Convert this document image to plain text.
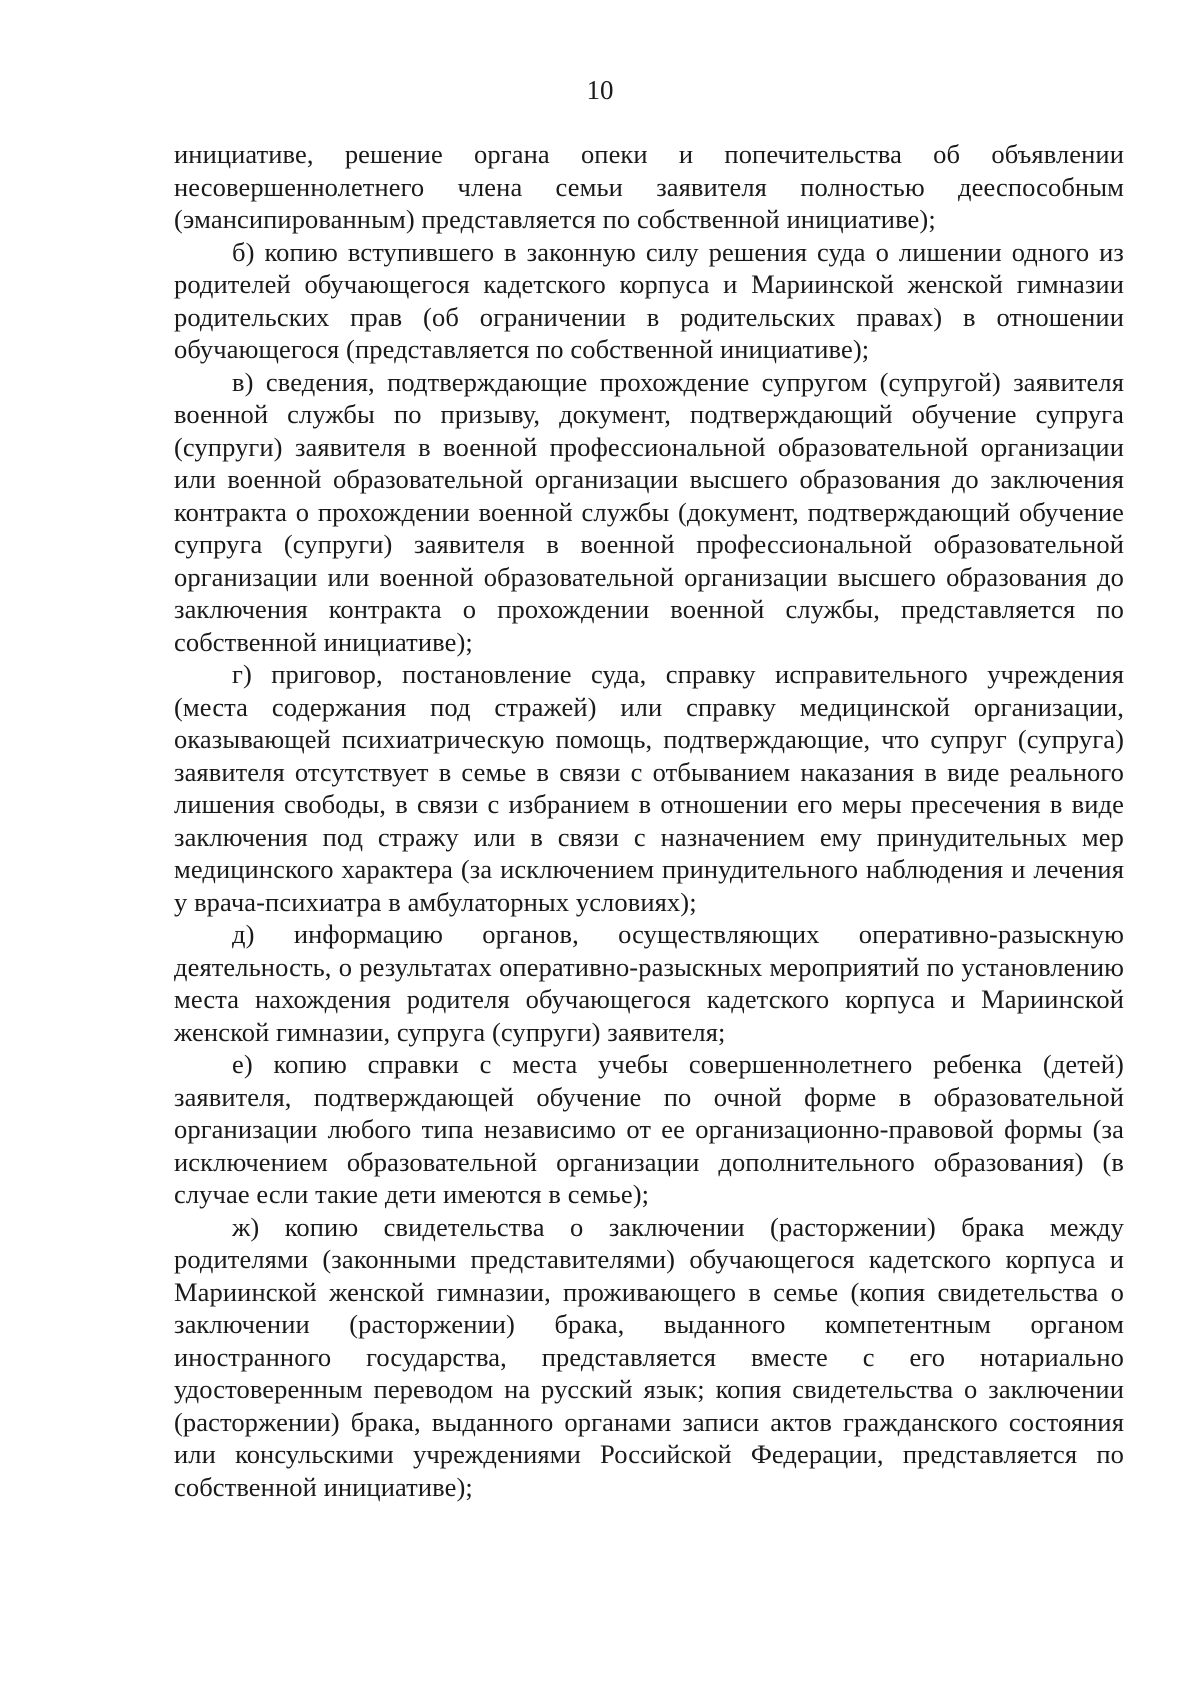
10

инициативе, решение органа опеки и попечительства об объявлении несовершеннолетнего члена семьи заявителя полностью дееспособным (эмансипированным) представляется по собственной инициативе);

б) копию вступившего в законную силу решения суда о лишении одного из родителей обучающегося кадетского корпуса и Мариинской женской гимназии родительских прав (об ограничении в родительских правах) в отношении обучающегося (представляется по собственной инициативе);

в) сведения, подтверждающие прохождение супругом (супругой) заявителя военной службы по призыву, документ, подтверждающий обучение супруга (супруги) заявителя в военной профессиональной образовательной организации или военной образовательной организации высшего образования до заключения контракта о прохождении военной службы (документ, подтверждающий обучение супруга (супруги) заявителя в военной профессиональной образовательной организации или военной образовательной организации высшего образования до заключения контракта о прохождении военной службы, представляется по собственной инициативе);

г) приговор, постановление суда, справку исправительного учреждения (места содержания под стражей) или справку медицинской организации, оказывающей психиатрическую помощь, подтверждающие, что супруг (супруга) заявителя отсутствует в семье в связи с отбыванием наказания в виде реального лишения свободы, в связи с избранием в отношении его меры пресечения в виде заключения под стражу или в связи с назначением ему принудительных мер медицинского характера (за исключением принудительного наблюдения и лечения у врача-психиатра в амбулаторных условиях);

д) информацию органов, осуществляющих оперативно-разыскную деятельность, о результатах оперативно-разыскных мероприятий по установлению места нахождения родителя обучающегося кадетского корпуса и Мариинской женской гимназии, супруга (супруги) заявителя;

е) копию справки с места учебы совершеннолетнего ребенка (детей) заявителя, подтверждающей обучение по очной форме в образовательной организации любого типа независимо от ее организационно-правовой формы (за исключением образовательной организации дополнительного образования) (в случае если такие дети имеются в семье);

ж) копию свидетельства о заключении (расторжении) брака между родителями (законными представителями) обучающегося кадетского корпуса и Мариинской женской гимназии, проживающего в семье (копия свидетельства о заключении (расторжении) брака, выданного компетентным органом иностранного государства, представляется вместе с его нотариально удостоверенным переводом на русский язык; копия свидетельства о заключении (расторжении) брака, выданного органами записи актов гражданского состояния или консульскими учреждениями Российской Федерации, представляется по собственной инициативе);
